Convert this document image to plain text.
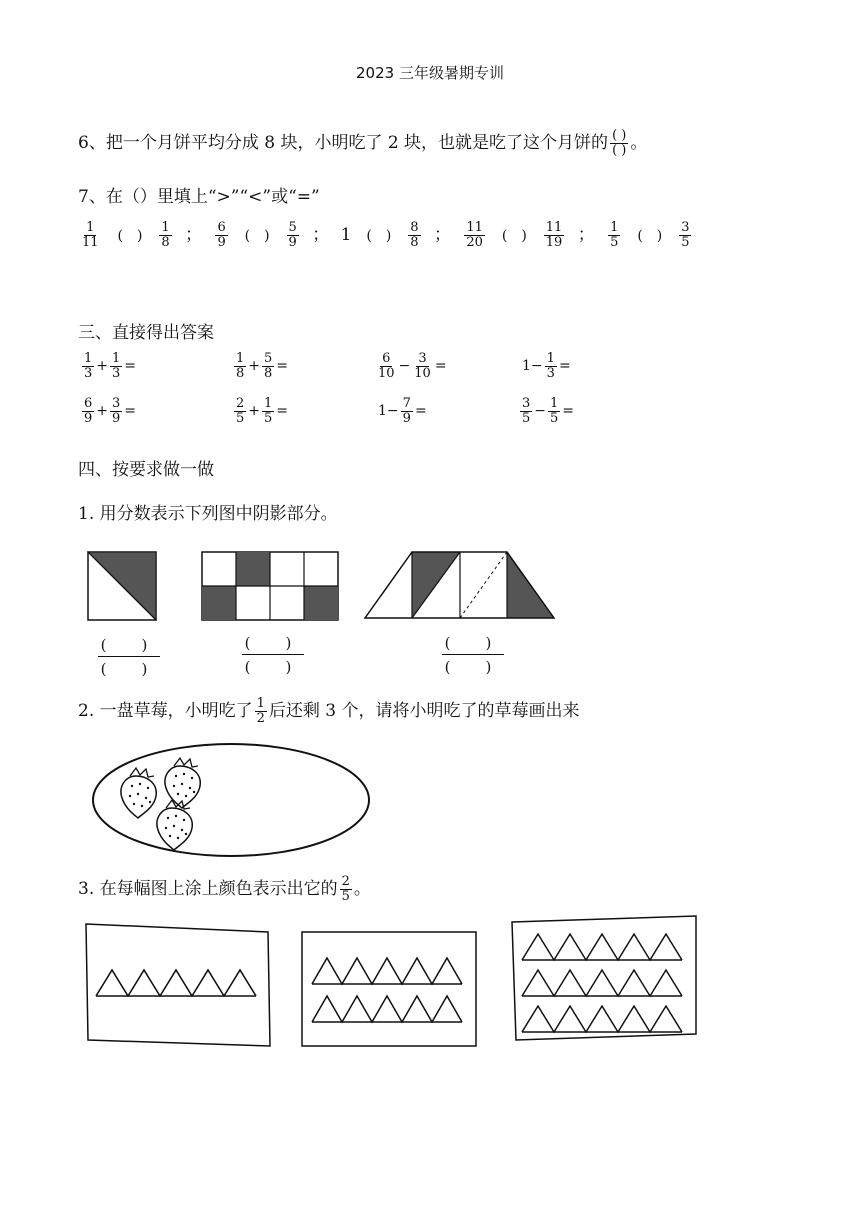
2023 三年级暑期专训
6、把一个月饼平均分成 8 块，小明吃了 2 块，也就是吃了这个月饼的 $\frac{( )}{( )}$ 。
7、在（）里填上“>”“<”或“=”
$\frac{1}{11}$ (　) $\frac{1}{8}$ ； $\frac{6}{9}$ (　) $\frac{5}{9}$ ； 1 (　) $\frac{8}{8}$ ； $\frac{11}{20}$ (　) $\frac{11}{19}$ ； $\frac{1}{5}$ (　) $\frac{3}{5}$
三、直接得出答案
$\frac{1}{3} + \frac{1}{3}$ =	$\frac{1}{8} + \frac{5}{8}$ =	$\frac{6}{10} - \frac{3}{10}$ =	$1- \frac{1}{3}$ =
$\frac{6}{9} + \frac{3}{9}$ =	$\frac{2}{5} + \frac{1}{5}$ =	$1- \frac{7}{9}$ =	$\frac{3}{5} - \frac{1}{5}$ =
四、按要求做一做
1. 用分数表示下列图中阴影部分。
(　)
(　)
(　)
(　)
(　)
(　)
2. 一盘草莓，小明吃了 $\frac{1}{2}$ 后还剩 3 个，请将小明吃了的草莓画出来
3. 在每幅图上涂上颜色表示出它的 $\frac{2}{5}$ 。
